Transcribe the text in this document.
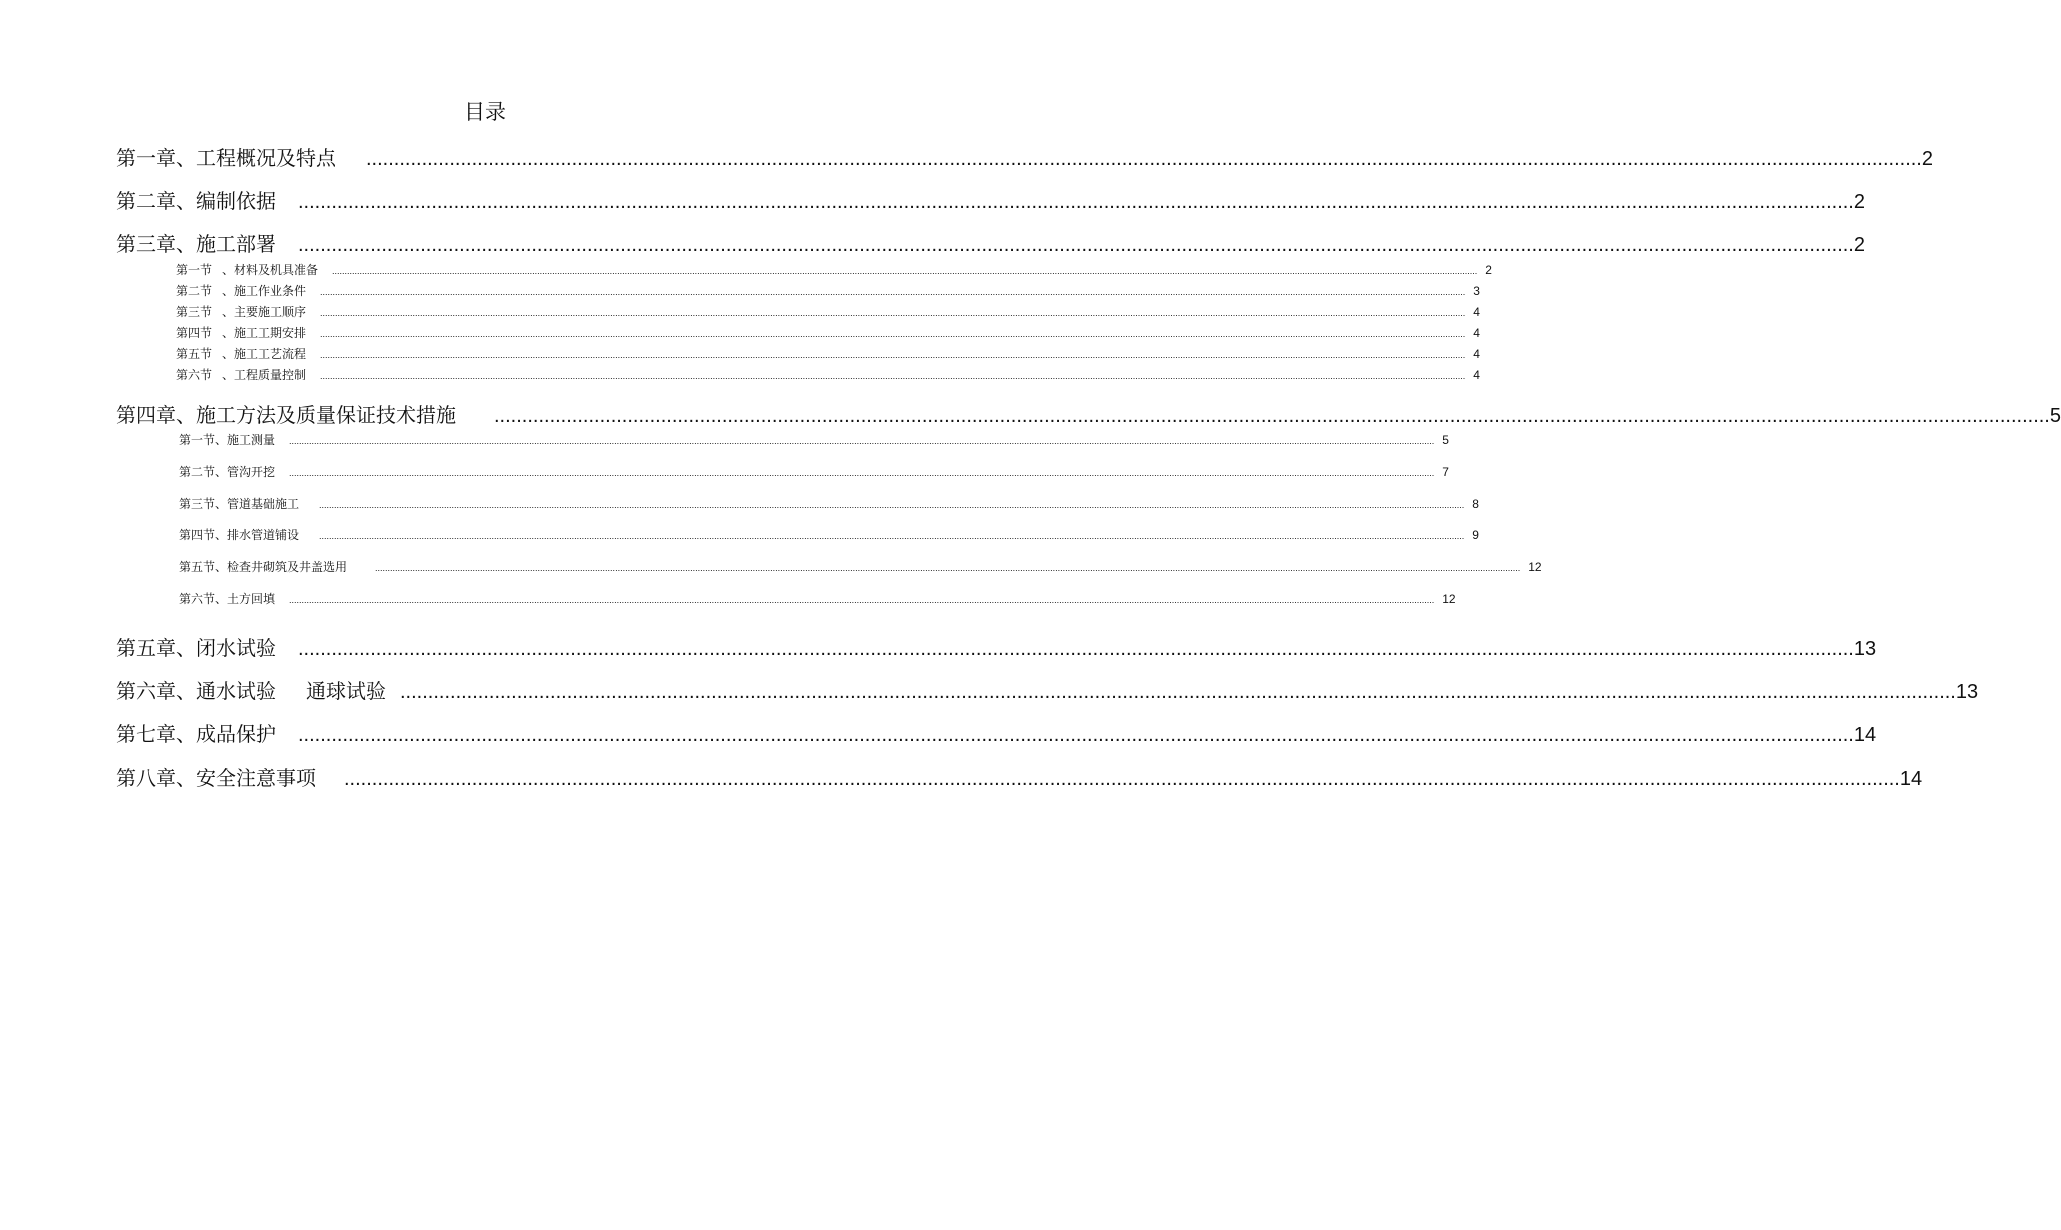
目录
第一章、工程概况及特点 ........................................................................................................................................................................................................................................................................................ 2
第二章、编制依据 ........................................................................................................................................................................................................................................................................................ 2
第三章、施工部署 ........................................................................................................................................................................................................................................................................................ 2
第一节 、材料及机具准备 .......................................................................................................................................................................................................................................................................................................................................................................................................................................................................... 2
第二节 、施工作业条件 .......................................................................................................................................................................................................................................................................................................................................................................................................................................................................... 3
第三节 、主要施工顺序 .......................................................................................................................................................................................................................................................................................................................................................................................................................................................................... 4
第四节 、施工工期安排 .......................................................................................................................................................................................................................................................................................................................................................................................................................................................................... 4
第五节 、施工工艺流程 .......................................................................................................................................................................................................................................................................................................................................................................................................................................................................... 4
第六节 、工程质量控制 .......................................................................................................................................................................................................................................................................................................................................................................................................................................................................... 4
第四章、施工方法及质量保证技术措施 ........................................................................................................................................................................................................................................................................................ 5
第一节、施工测量 .......................................................................................................................................................................................................................................................................................................................................................................................................................................................................... 5
第二节、管沟开挖 .......................................................................................................................................................................................................................................................................................................................................................................................................................................................................... 7
第三节、管道基础施工 .......................................................................................................................................................................................................................................................................................................................................................................................................................................................................... 8
第四节、排水管道铺设 .......................................................................................................................................................................................................................................................................................................................................................................................................................................................................... 9
第五节、检查井砌筑及井盖选用	.......................................................................................................................................................................................................................................................................................................................................................................................................................................................................... 12
第六节、土方回填 .......................................................................................................................................................................................................................................................................................................................................................................................................................................................................... 12
第五章、闭水试验 ........................................................................................................................................................................................................................................................................................ 13
第六章、通水试验 通球试验 ........................................................................................................................................................................................................................................................................................ 13
第七章、成品保护 ........................................................................................................................................................................................................................................................................................ 14
第八章、安全注意事项 ........................................................................................................................................................................................................................................................................................ 14
